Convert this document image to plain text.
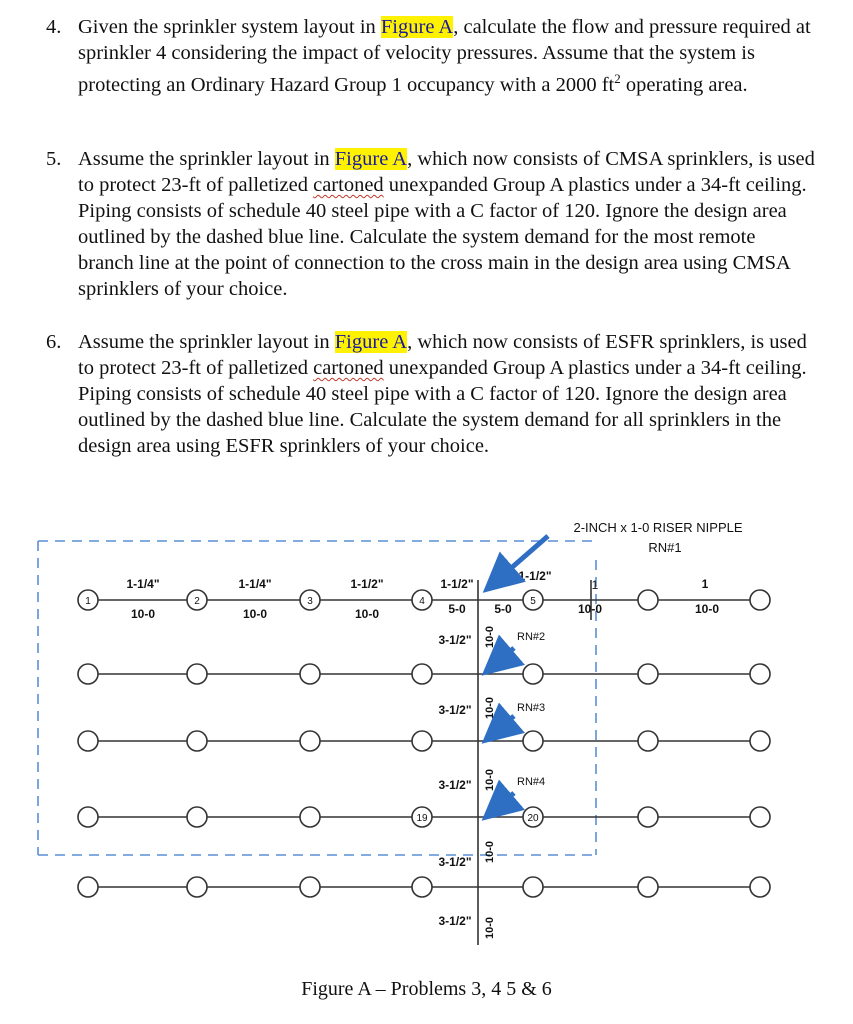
4. Given the sprinkler system layout in Figure A, calculate the flow and pressure required at sprinkler 4 considering the impact of velocity pressures. Assume that the system is protecting an Ordinary Hazard Group 1 occupancy with a 2000 $ft^2$ operating area.
5. Assume the sprinkler layout in Figure A, which now consists of CMSA sprinklers, is used to protect 23-ft of palletized cartoned unexpanded Group A plastics under a 34-ft ceiling. Piping consists of schedule 40 steel pipe with a C factor of 120. Ignore the design area outlined by the dashed blue line. Calculate the system demand for the most remote branch line at the point of connection to the cross main in the design area using CMSA sprinklers of your choice.
6. Assume the sprinkler layout in Figure A, which now consists of ESFR sprinklers, is used to protect 23-ft of palletized cartoned unexpanded Group A plastics under a 34-ft ceiling. Piping consists of schedule 40 steel pipe with a C factor of 120. Ignore the design area outlined by the dashed blue line. Calculate the system demand for all sprinklers in the design area using ESFR sprinklers of your choice.
1	2	3	4	5
19	20
1-1/4"	1-1/4"	1-1/2"	1-1/2"
1-1/2"
1
1
10-0	10-0	10-0	5-0 5-0	10-0	10-0
3-1/2"
3-1/2"
3-1/2"
3-1/2"
3-1/2"
10-0
10-0
10-0
10-0
10-0
RN#2
RN#3
RN#4
2-INCH x 1-0 RISER NIPPLE
RN#1
Figure A – Problems 3, 4 5 & 6
